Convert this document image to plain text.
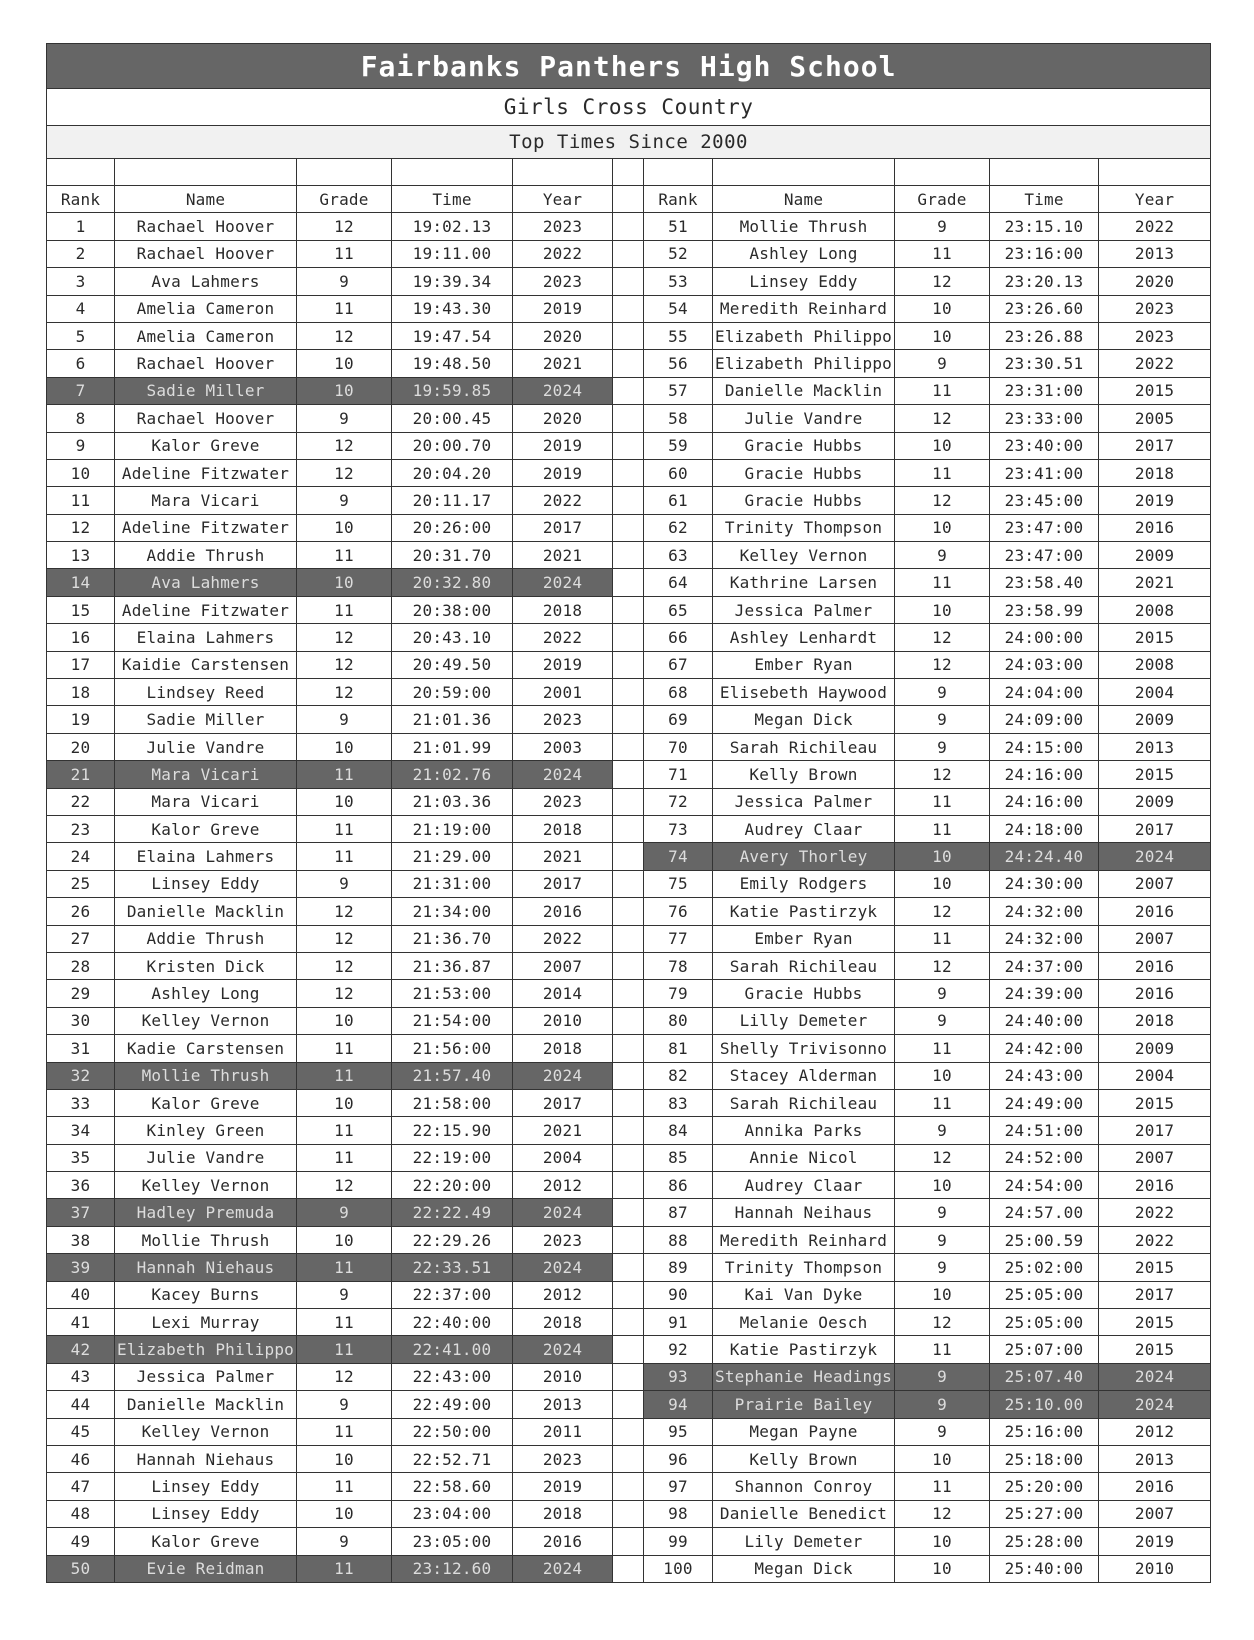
Fairbanks Panthers High School										
Girls Cross Country										
Top Times Since 2000										

Rank	Name	Grade	Time	Year		Rank	Name	Grade	Time	Year
1	Rachael Hoover	12	19:02.13	2023		51	Mollie Thrush	9	23:15.10	2022
2	Rachael Hoover	11	19:11.00	2022		52	Ashley Long	11	23:16:00	2013
3	Ava Lahmers	9	19:39.34	2023		53	Linsey Eddy	12	23:20.13	2020
4	Amelia Cameron	11	19:43.30	2019		54	Meredith Reinhard	10	23:26.60	2023
5	Amelia Cameron	12	19:47.54	2020		55	Elizabeth Philippo	10	23:26.88	2023
6	Rachael Hoover	10	19:48.50	2021		56	Elizabeth Philippo	9	23:30.51	2022
7	Sadie Miller	10	19:59.85	2024		57	Danielle Macklin	11	23:31:00	2015
8	Rachael Hoover	9	20:00.45	2020		58	Julie Vandre	12	23:33:00	2005
9	Kalor Greve	12	20:00.70	2019		59	Gracie Hubbs	10	23:40:00	2017
10	Adeline Fitzwater	12	20:04.20	2019		60	Gracie Hubbs	11	23:41:00	2018
11	Mara Vicari	9	20:11.17	2022		61	Gracie Hubbs	12	23:45:00	2019
12	Adeline Fitzwater	10	20:26:00	2017		62	Trinity Thompson	10	23:47:00	2016
13	Addie Thrush	11	20:31.70	2021		63	Kelley Vernon	9	23:47:00	2009
14	Ava Lahmers	10	20:32.80	2024		64	Kathrine Larsen	11	23:58.40	2021
15	Adeline Fitzwater	11	20:38:00	2018		65	Jessica Palmer	10	23:58.99	2008
16	Elaina Lahmers	12	20:43.10	2022		66	Ashley Lenhardt	12	24:00:00	2015
17	Kaidie Carstensen	12	20:49.50	2019		67	Ember Ryan	12	24:03:00	2008
18	Lindsey Reed	12	20:59:00	2001		68	Elisebeth Haywood	9	24:04:00	2004
19	Sadie Miller	9	21:01.36	2023		69	Megan Dick	9	24:09:00	2009
20	Julie Vandre	10	21:01.99	2003		70	Sarah Richileau	9	24:15:00	2013
21	Mara Vicari	11	21:02.76	2024		71	Kelly Brown	12	24:16:00	2015
22	Mara Vicari	10	21:03.36	2023		72	Jessica Palmer	11	24:16:00	2009
23	Kalor Greve	11	21:19:00	2018		73	Audrey Claar	11	24:18:00	2017
24	Elaina Lahmers	11	21:29.00	2021		74	Avery Thorley	10	24:24.40	2024
25	Linsey Eddy	9	21:31:00	2017		75	Emily Rodgers	10	24:30:00	2007
26	Danielle Macklin	12	21:34:00	2016		76	Katie Pastirzyk	12	24:32:00	2016
27	Addie Thrush	12	21:36.70	2022		77	Ember Ryan	11	24:32:00	2007
28	Kristen Dick	12	21:36.87	2007		78	Sarah Richileau	12	24:37:00	2016
29	Ashley Long	12	21:53:00	2014		79	Gracie Hubbs	9	24:39:00	2016
30	Kelley Vernon	10	21:54:00	2010		80	Lilly Demeter	9	24:40:00	2018
31	Kadie Carstensen	11	21:56:00	2018		81	Shelly Trivisonno	11	24:42:00	2009
32	Mollie Thrush	11	21:57.40	2024		82	Stacey Alderman	10	24:43:00	2004
33	Kalor Greve	10	21:58:00	2017		83	Sarah Richileau	11	24:49:00	2015
34	Kinley Green	11	22:15.90	2021		84	Annika Parks	9	24:51:00	2017
35	Julie Vandre	11	22:19:00	2004		85	Annie Nicol	12	24:52:00	2007
36	Kelley Vernon	12	22:20:00	2012		86	Audrey Claar	10	24:54:00	2016
37	Hadley Premuda	9	22:22.49	2024		87	Hannah Neihaus	9	24:57.00	2022
38	Mollie Thrush	10	22:29.26	2023		88	Meredith Reinhard	9	25:00.59	2022
39	Hannah Niehaus	11	22:33.51	2024		89	Trinity Thompson	9	25:02:00	2015
40	Kacey Burns	9	22:37:00	2012		90	Kai Van Dyke	10	25:05:00	2017
41	Lexi Murray	11	22:40:00	2018		91	Melanie Oesch	12	25:05:00	2015
42	Elizabeth Philippo	11	22:41.00	2024		92	Katie Pastirzyk	11	25:07:00	2015
43	Jessica Palmer	12	22:43:00	2010		93	Stephanie Headings	9	25:07.40	2024
44	Danielle Macklin	9	22:49:00	2013		94	Prairie Bailey	9	25:10.00	2024
45	Kelley Vernon	11	22:50:00	2011		95	Megan Payne	9	25:16:00	2012
46	Hannah Niehaus	10	22:52.71	2023		96	Kelly Brown	10	25:18:00	2013
47	Linsey Eddy	11	22:58.60	2019		97	Shannon Conroy	11	25:20:00	2016
48	Linsey Eddy	10	23:04:00	2018		98	Danielle Benedict	12	25:27:00	2007
49	Kalor Greve	9	23:05:00	2016		99	Lily Demeter	10	25:28:00	2019
50	Evie Reidman	11	23:12.60	2024		100	Megan Dick	10	25:40:00	2010
